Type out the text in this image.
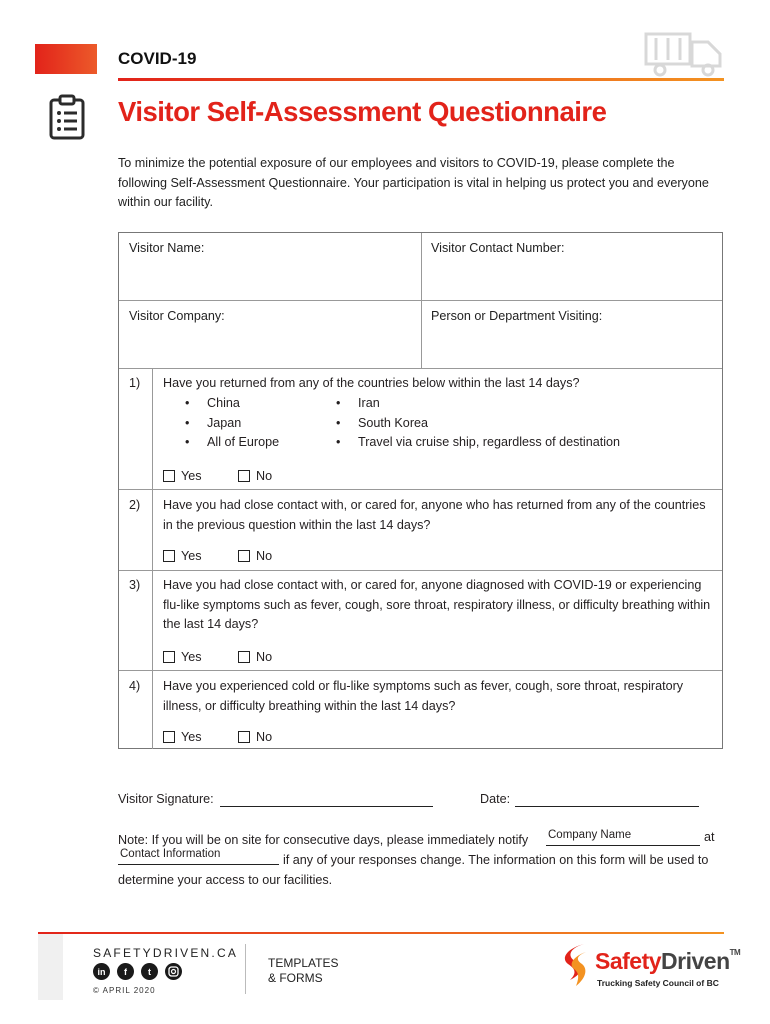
COVID-19
Visitor Self-Assessment Questionnaire
To minimize the potential exposure of our employees and visitors to COVID-19, please complete the following Self-Assessment Questionnaire. Your participation is vital in helping us protect you and everyone within our facility.
Visitor Name:	Visitor Contact Number:
Visitor Company:	Person or Department Visiting:
1) Have you returned from any of the countries below within the last 14 days?
• China
• Japan
• All of Europe
• Iran
• South Korea
• Travel via cruise ship, regardless of destination
Yes	No
2) Have you had close contact with, or cared for, anyone who has returned from any of the countries in the previous question within the last 14 days?
Yes	No
3) Have you had close contact with, or cared for, anyone diagnosed with COVID-19 or experiencing flu-like symptoms such as fever, cough, sore throat, respiratory illness, or difficulty breathing within the last 14 days?
Yes	No
4) Have you experienced cold or flu-like symptoms such as fever, cough, sore throat, respiratory illness, or difficulty breathing within the last 14 days?
Yes	No
Visitor Signature:	Date:
Note: If you will be on site for consecutive days, please immediately notify	Company Name	at
Contact Information	if any of your responses change. The information on this form will be used to determine your access to our facilities.
SAFETYDRIVEN.CA
in	f	t
© APRIL 2020
TEMPLATES
& FORMS
SafetyDriven™
Trucking Safety Council of BC
